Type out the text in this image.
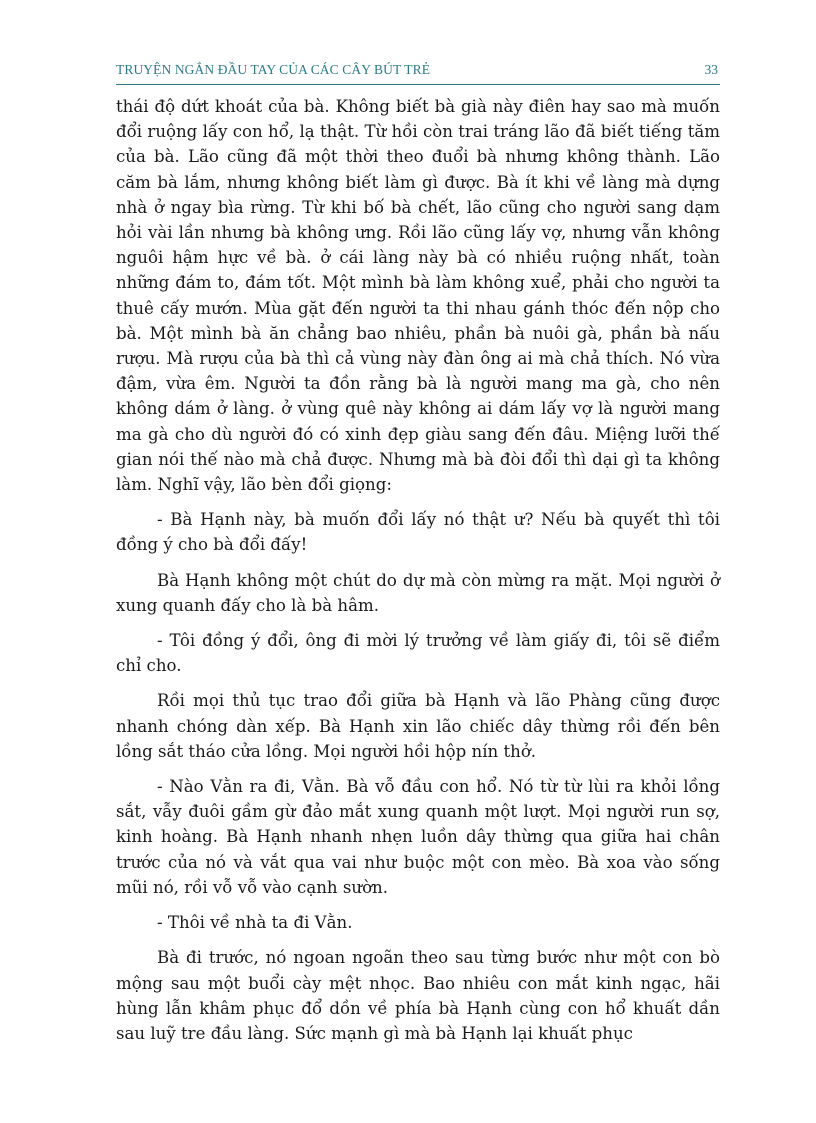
TRUYỆN NGẮN ĐẦU TAY CỦA CÁC CÂY BÚT TRẺ	33

thái độ dứt khoát của bà. Không biết bà già này điên hay sao mà muốn đổi ruộng lấy con hổ, lạ thật. Từ hồi còn trai tráng lão đã biết tiếng tăm của bà. Lão cũng đã một thời theo đuổi bà nhưng không thành. Lão căm bà lắm, nhưng không biết làm gì được. Bà ít khi về làng mà dựng nhà ở ngay bìa rừng. Từ khi bố bà chết, lão cũng cho người sang dạm hỏi vài lần nhưng bà không ưng. Rồi lão cũng lấy vợ, nhưng vẫn không nguôi hậm hực về bà. ở cái làng này bà có nhiều ruộng nhất, toàn những đám to, đám tốt. Một mình bà làm không xuể, phải cho người ta thuê cấy mướn. Mùa gặt đến người ta thi nhau gánh thóc đến nộp cho bà. Một mình bà ăn chẳng bao nhiêu, phần bà nuôi gà, phần bà nấu rượu. Mà rượu của bà thì cả vùng này đàn ông ai mà chả thích. Nó vừa đậm, vừa êm. Người ta đồn rằng bà là người mang ma gà, cho nên không dám ở làng. ở vùng quê này không ai dám lấy vợ là người mang ma gà cho dù người đó có xinh đẹp giàu sang đến đâu. Miệng lưỡi thế gian nói thế nào mà chả được. Nhưng mà bà đòi đổi thì dại gì ta không làm. Nghĩ vậy, lão bèn đổi giọng:

- Bà Hạnh này, bà muốn đổi lấy nó thật ư? Nếu bà quyết thì tôi đồng ý cho bà đổi đấy!

Bà Hạnh không một chút do dự mà còn mừng ra mặt. Mọi người ở xung quanh đấy cho là bà hâm.

- Tôi đồng ý đổi, ông đi mời lý trưởng về làm giấy đi, tôi sẽ điểm chỉ cho.

Rồi mọi thủ tục trao đổi giữa bà Hạnh và lão Phàng cũng được nhanh chóng dàn xếp. Bà Hạnh xin lão chiếc dây thừng rồi đến bên lồng sắt tháo cửa lồng. Mọi người hồi hộp nín thở.

- Nào Vằn ra đi, Vằn. Bà vỗ đầu con hổ. Nó từ từ lùi ra khỏi lồng sắt, vẫy đuôi gầm gừ đảo mắt xung quanh một lượt. Mọi người run sợ, kinh hoàng. Bà Hạnh nhanh nhẹn luồn dây thừng qua giữa hai chân trước của nó và vắt qua vai như buộc một con mèo. Bà xoa vào sống mũi nó, rồi vỗ vỗ vào cạnh sườn.

- Thôi về nhà ta đi Vằn.

Bà đi trước, nó ngoan ngoãn theo sau từng bước như một con bò mộng sau một buổi cày mệt nhọc. Bao nhiêu con mắt kinh ngạc, hãi hùng lẫn khâm phục đổ dồn về phía bà Hạnh cùng con hổ khuất dần sau luỹ tre đầu làng. Sức mạnh gì mà bà Hạnh lại khuất phục
